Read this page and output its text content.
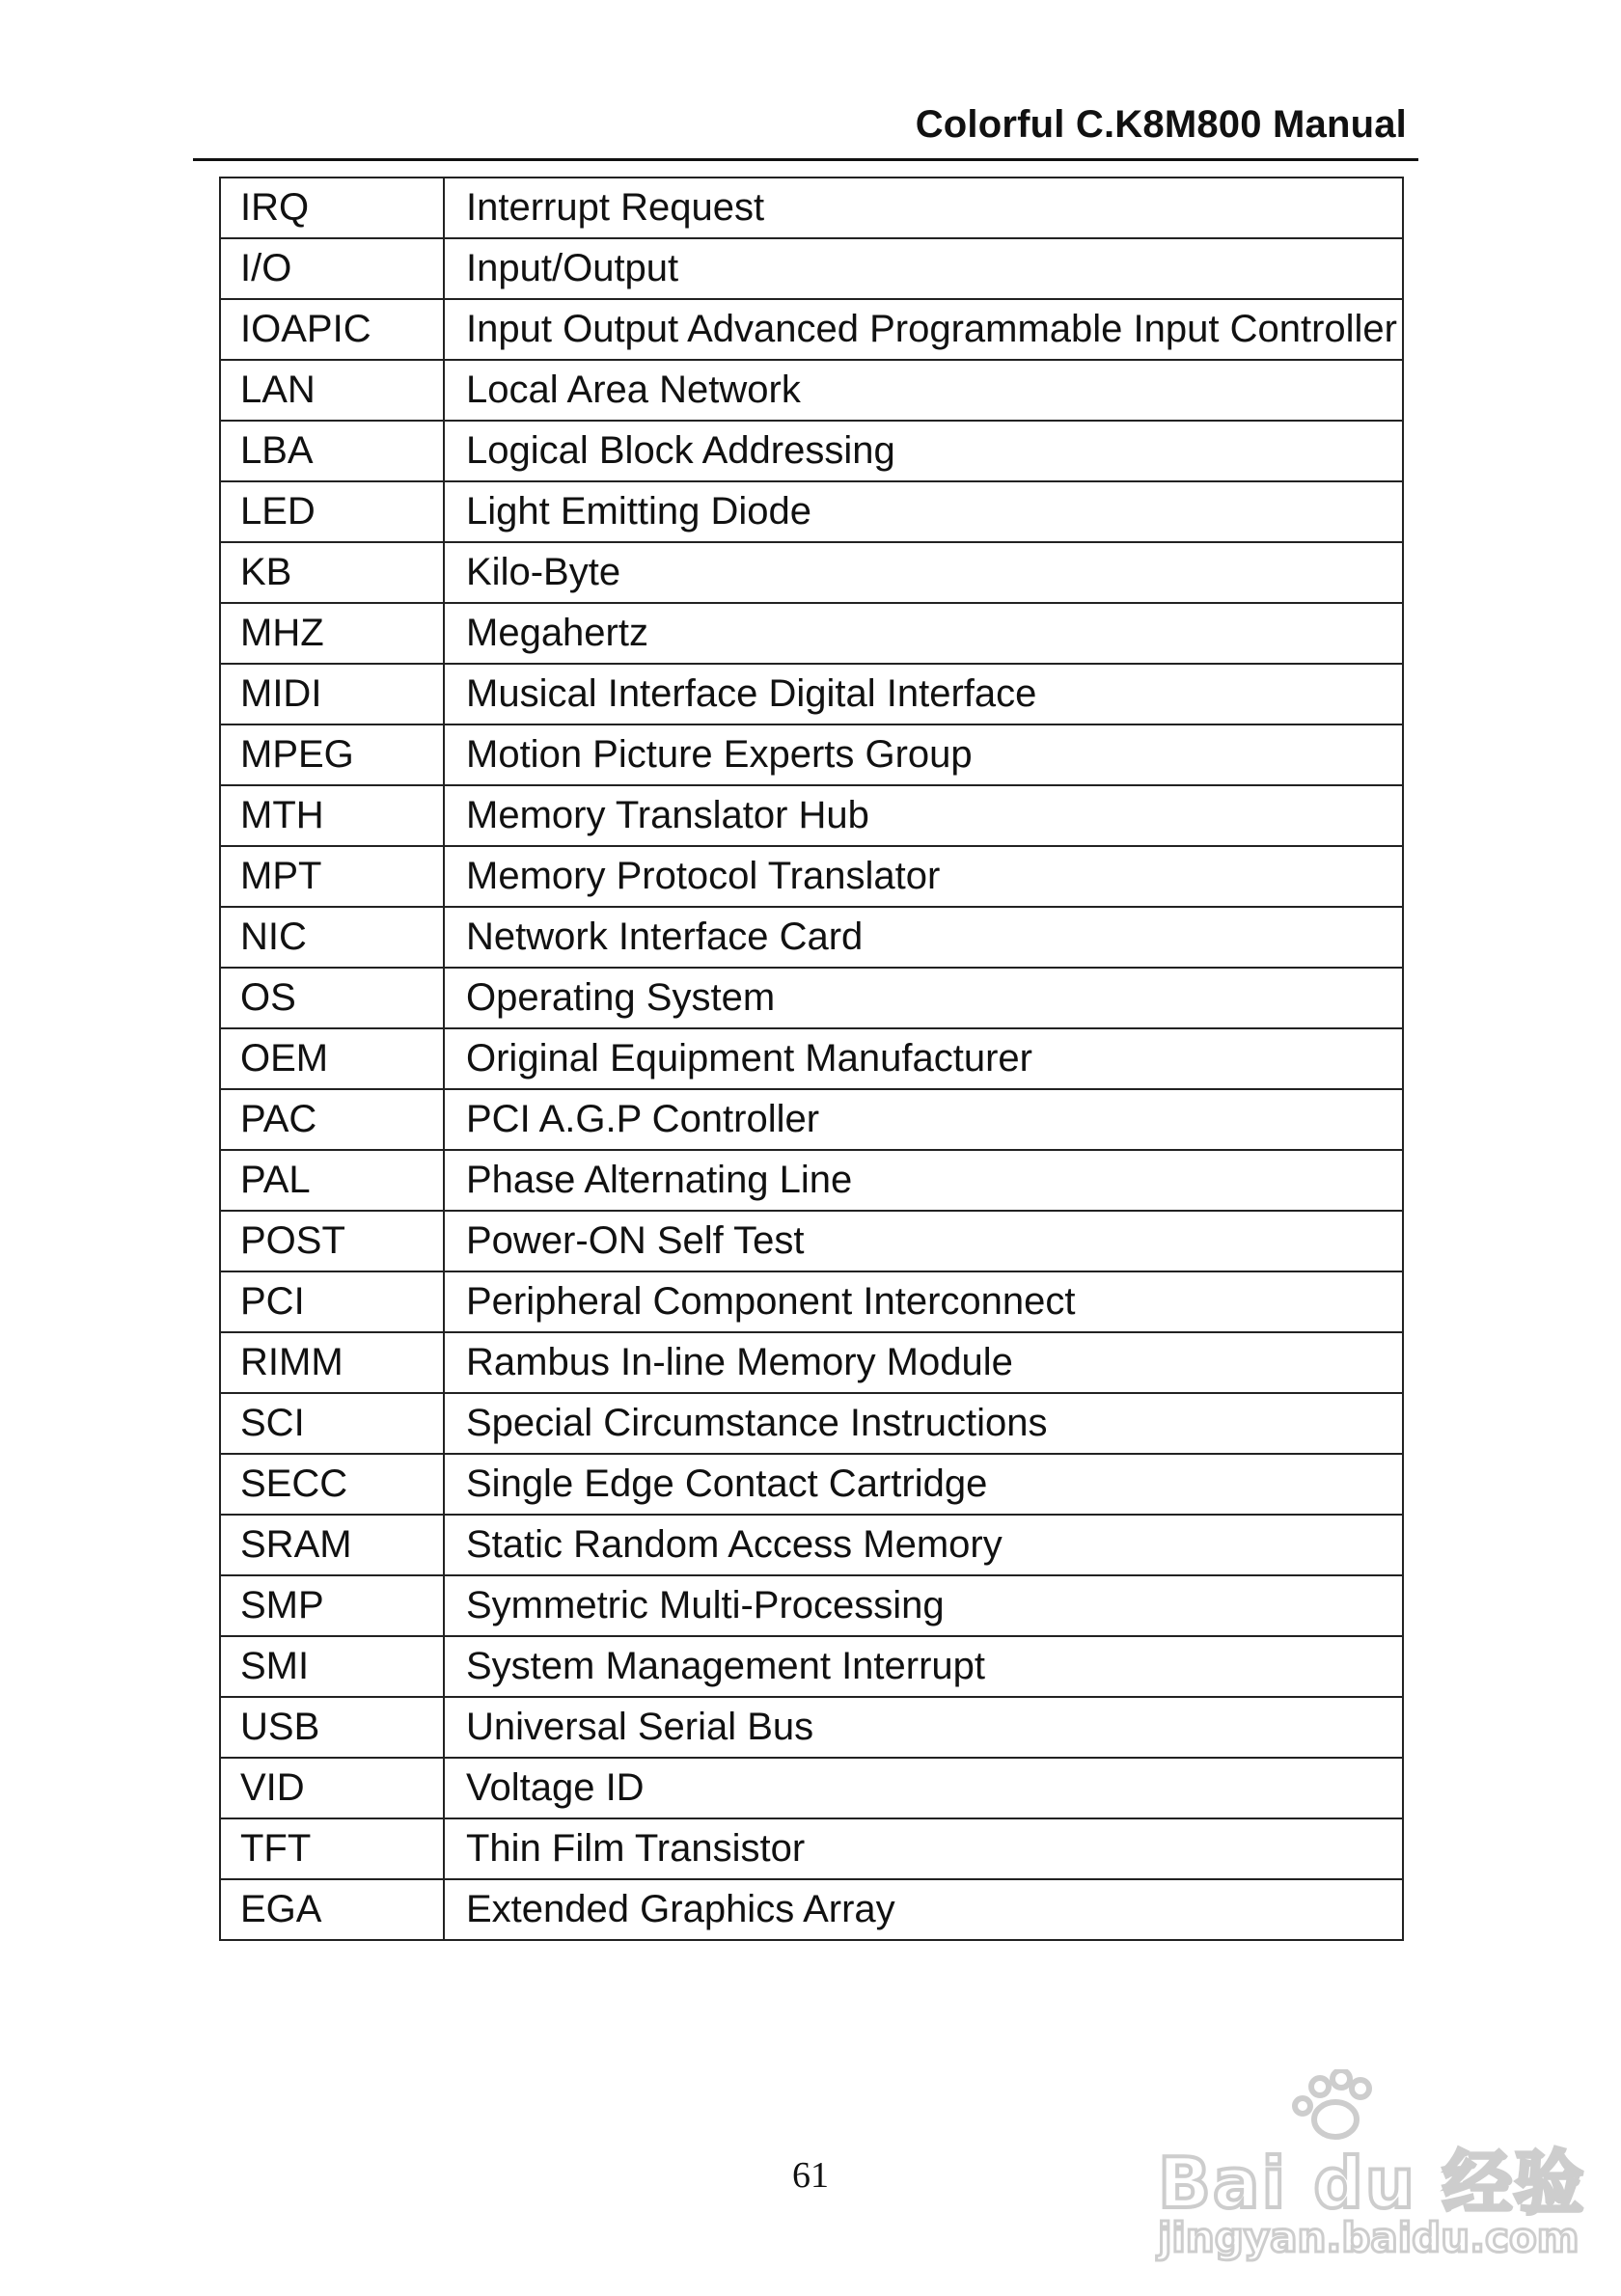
Colorful C.K8M800 Manual
IRQ	Interrupt Request
I/O	Input/Output
IOAPIC	Input Output Advanced Programmable Input Controller
LAN	Local Area Network
LBA	Logical Block Addressing
LED	Light Emitting Diode
KB	Kilo-Byte
MHZ	Megahertz
MIDI	Musical Interface Digital Interface
MPEG	Motion Picture Experts Group
MTH	Memory Translator Hub
MPT	Memory Protocol Translator
NIC	Network Interface Card
OS	Operating System
OEM	Original Equipment Manufacturer
PAC	PCI A.G.P Controller
PAL	Phase Alternating Line
POST	Power-ON Self Test
PCI	Peripheral Component Interconnect
RIMM	Rambus In-line Memory Module
SCI	Special Circumstance Instructions
SECC	Single Edge Contact Cartridge
SRAM	Static Random Access Memory
SMP	Symmetric Multi-Processing
SMI	System Management Interrupt
USB	Universal Serial Bus
VID	Voltage ID
TFT	Thin Film Transistor
EGA	Extended Graphics Array
61	Bai du 经验
jingyan.baidu.com
